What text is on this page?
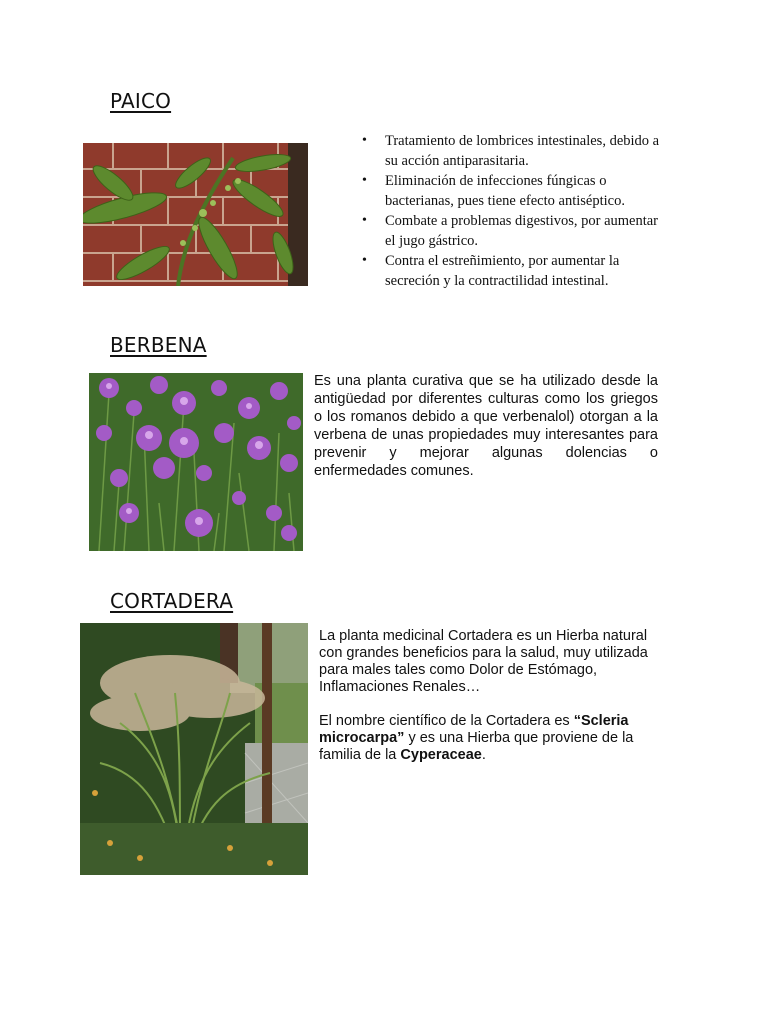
PAICO
• Tratamiento de lombrices intestinales, debido a su acción antiparasitaria.
• Eliminación de infecciones fúngicas o bacterianas, pues tiene efecto antiséptico.
• Combate a problemas digestivos, por aumentar el jugo gástrico.
• Contra el estreñimiento, por aumentar la secreción y la contractilidad intestinal.
BERBENA

Es una planta curativa que se ha utilizado desde la antigüedad por diferentes culturas como los griegos o los romanos debido a que verbenalol) otorgan a la verbena de unas propiedades muy interesantes para prevenir y mejorar algunas dolencias o enfermedades comunes.

CORTADERA

La planta medicinal Cortadera es un Hierba natural con grandes beneficios para la salud, muy utilizada para males tales como Dolor de Estómago, Inflamaciones Renales…

El nombre científico de la Cortadera es “Scleria microcarpa” y es una Hierba que proviene de la familia de la Cyperaceae.
